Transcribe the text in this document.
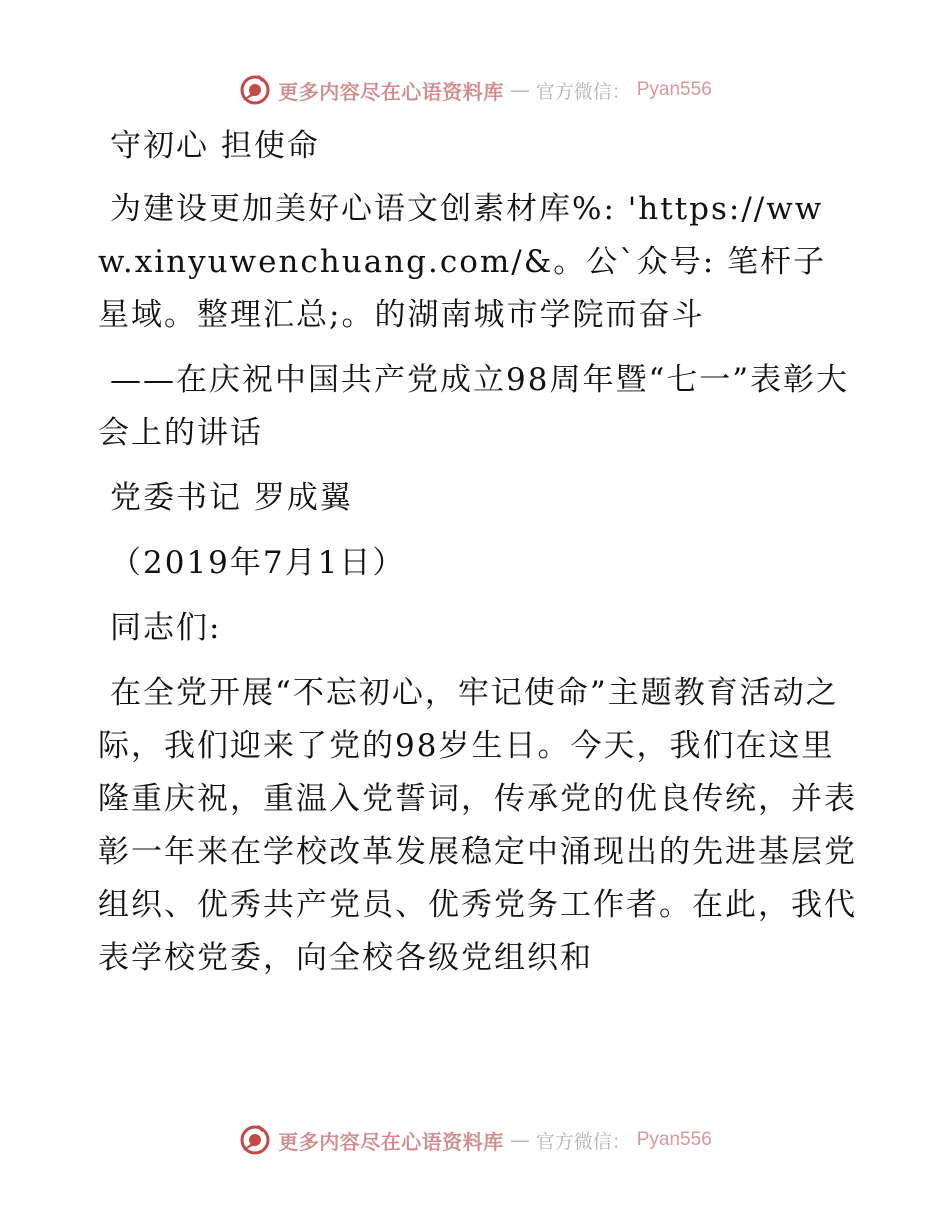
更多内容尽在心语资料库 — 官方微信： Pyan556

守初心 担使命

为建设更加美好心语文创素材库%: 'https://www.xinyuwenchuang.com/&。公`众号: 笔杆子星域。整理汇总;。的湖南城市学院而奋斗

——在庆祝中国共产党成立98周年暨“七一”表彰大会上的讲话

党委书记 罗成翼

（2019年7月1日）

同志们:

在全党开展“不忘初心，牢记使命”主题教育活动之际，我们迎来了党的98岁生日。今天，我们在这里隆重庆祝，重温入党誓词，传承党的优良传统，并表彰一年来在学校改革发展稳定中涌现出的先进基层党组织、优秀共产党员、优秀党务工作者。在此，我代表学校党委，向全校各级党组织和

更多内容尽在心语资料库 — 官方微信： Pyan556
